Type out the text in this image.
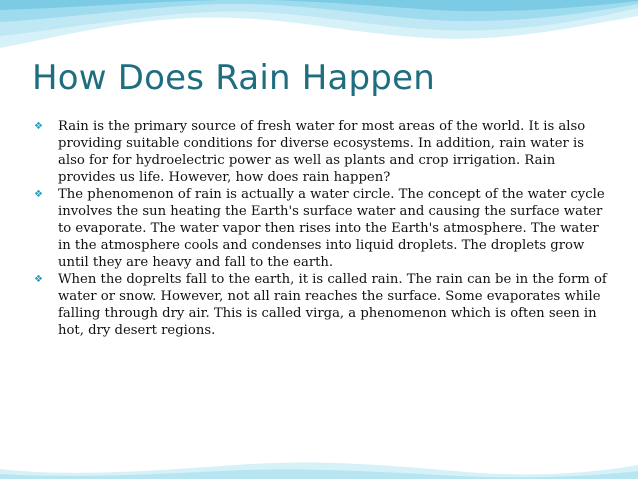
How Does Rain Happen
❖ Rain is the primary source of fresh water for most areas of the world. It is also providing suitable conditions for diverse ecosystems. In addition, rain water is also for for hydroelectric power as well as plants and crop irrigation. Rain provides us life. However, how does rain happen?
❖ The phenomenon of rain is actually a water circle. The concept of the water cycle involves the sun heating the Earth's surface water and causing the surface water to evaporate. The water vapor then rises into the Earth's atmosphere. The water in the atmosphere cools and condenses into liquid droplets. The droplets grow until they are heavy and fall to the earth.
❖ When the doprelts fall to the earth, it is called rain. The rain can be in the form of water or snow. However, not all rain reaches the surface. Some evaporates while falling through dry air. This is called virga, a phenomenon which is often seen in hot, dry desert regions.
